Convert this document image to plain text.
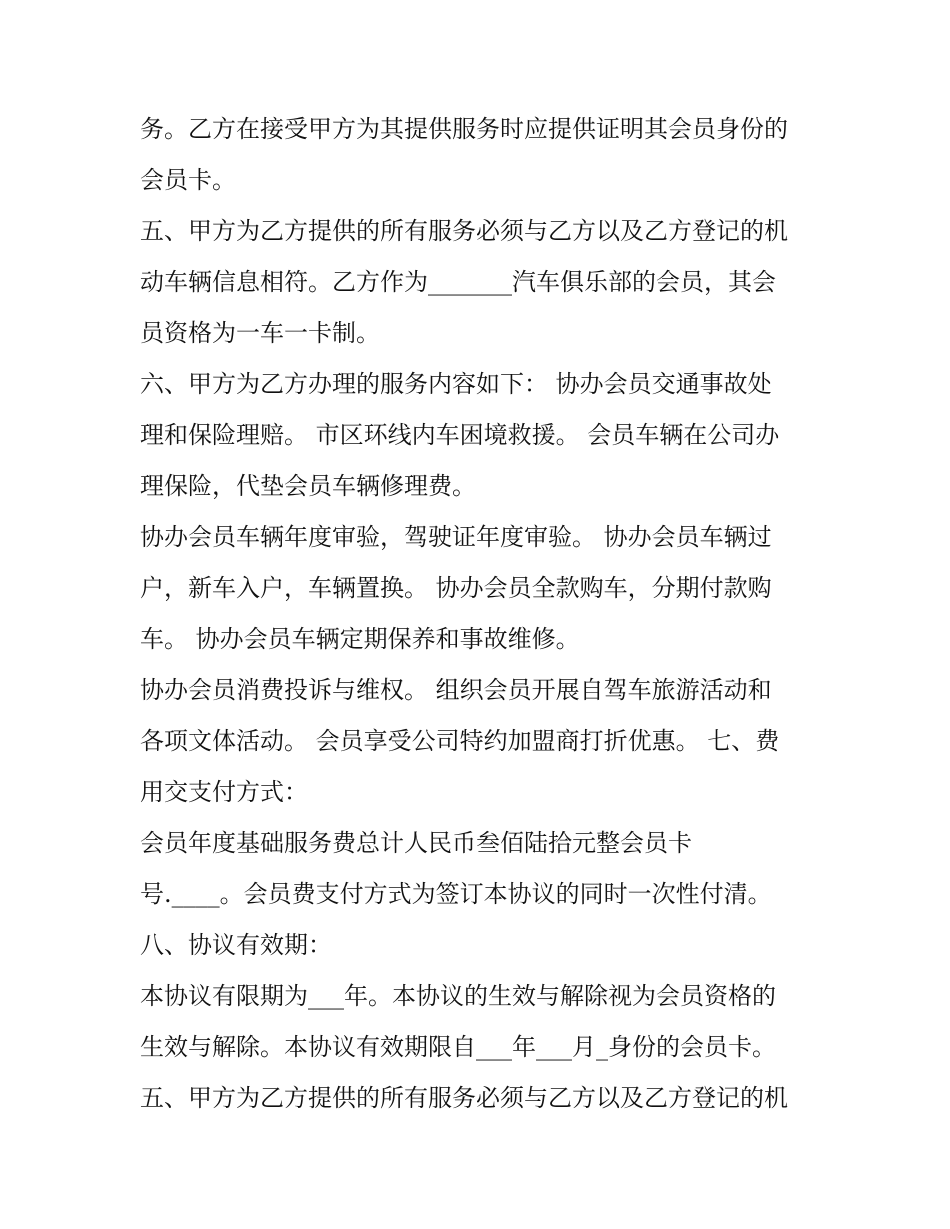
务。乙方在接受甲方为其提供服务时应提供证明其会员身份的
会员卡。
五、甲方为乙方提供的所有服务必须与乙方以及乙方登记的机
动车辆信息相符。乙方作为_______汽车俱乐部的会员，其会
员资格为一车一卡制。
六、甲方为乙方办理的服务内容如下： 协办会员交通事故处
理和保险理赔。 市区环线内车困境救援。 会员车辆在公司办
理保险，代垫会员车辆修理费。
协办会员车辆年度审验，驾驶证年度审验。 协办会员车辆过
户，新车入户，车辆置换。 协办会员全款购车，分期付款购
车。 协办会员车辆定期保养和事故维修。
协办会员消费投诉与维权。 组织会员开展自驾车旅游活动和
各项文体活动。 会员享受公司特约加盟商打折优惠。 七、费
用交支付方式：
会员年度基础服务费总计人民币叁佰陆拾元整会员卡
号.____。会员费支付方式为签订本协议的同时一次性付清。
八、协议有效期：
本协议有限期为___年。本协议的生效与解除视为会员资格的
生效与解除。本协议有效期限自___年___月_身份的会员卡。
五、甲方为乙方提供的所有服务必须与乙方以及乙方登记的机
